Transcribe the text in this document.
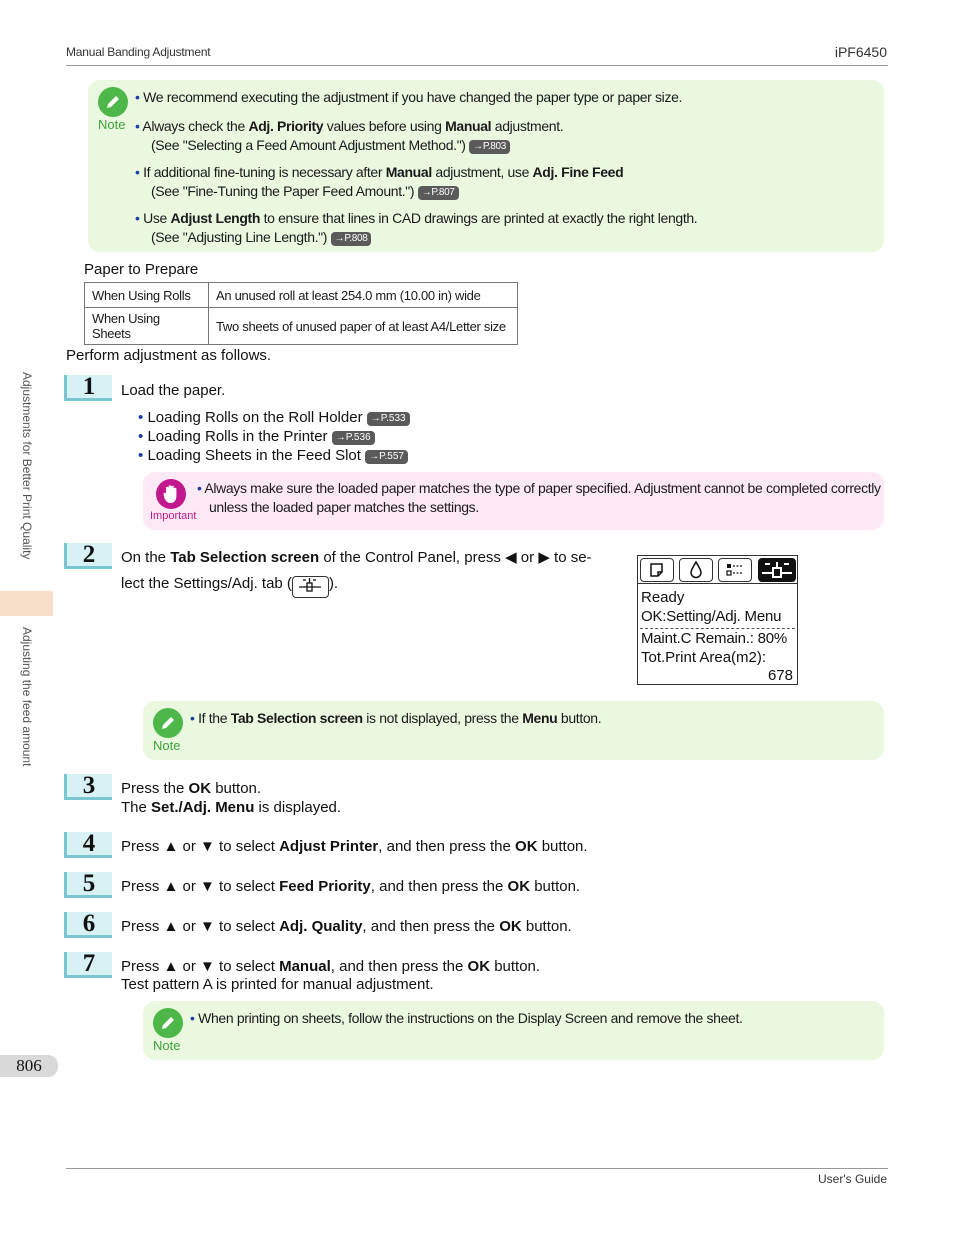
Manual Banding Adjustment	iPF6450
Adjustments for Better Print Quality
Adjusting the feed amount
806
Note
• We recommend executing the adjustment if you have changed the paper type or paper size.
• Always check the Adj. Priority values before using Manual adjustment.
(See "Selecting a Feed Amount Adjustment Method.") →P.803
• If additional fine-tuning is necessary after Manual adjustment, use Adj. Fine Feed
(See "Fine-Tuning the Paper Feed Amount.") →P.807
• Use Adjust Length to ensure that lines in CAD drawings are printed at exactly the right length.
(See "Adjusting Line Length.") →P.808
Paper to Prepare
When Using Rolls	An unused roll at least 254.0 mm (10.00 in) wide
When Using Sheets	Two sheets of unused paper of at least A4/Letter size
Perform adjustment as follows.
1	Load the paper.
• Loading Rolls on the Roll Holder →P.533
• Loading Rolls in the Printer →P.536
• Loading Sheets in the Feed Slot →P.557
Important
• Always make sure the loaded paper matches the type of paper specified. Adjustment cannot be completed correctly
unless the loaded paper matches the settings.
2	On the Tab Selection screen of the Control Panel, press ◀ or ▶ to se-
lect the Settings/Adj. tab ( ).
Ready
OK:Setting/Adj. Menu
Maint.C Remain.: 80%
Tot.Print Area(m2):
678
Note
• If the Tab Selection screen is not displayed, press the Menu button.
3	Press the OK button.
The Set./Adj. Menu is displayed.
4	Press ▲ or ▼ to select Adjust Printer, and then press the OK button.
5	Press ▲ or ▼ to select Feed Priority, and then press the OK button.
6	Press ▲ or ▼ to select Adj. Quality, and then press the OK button.
7	Press ▲ or ▼ to select Manual, and then press the OK button.
Test pattern A is printed for manual adjustment.
Note
• When printing on sheets, follow the instructions on the Display Screen and remove the sheet.
User's Guide
